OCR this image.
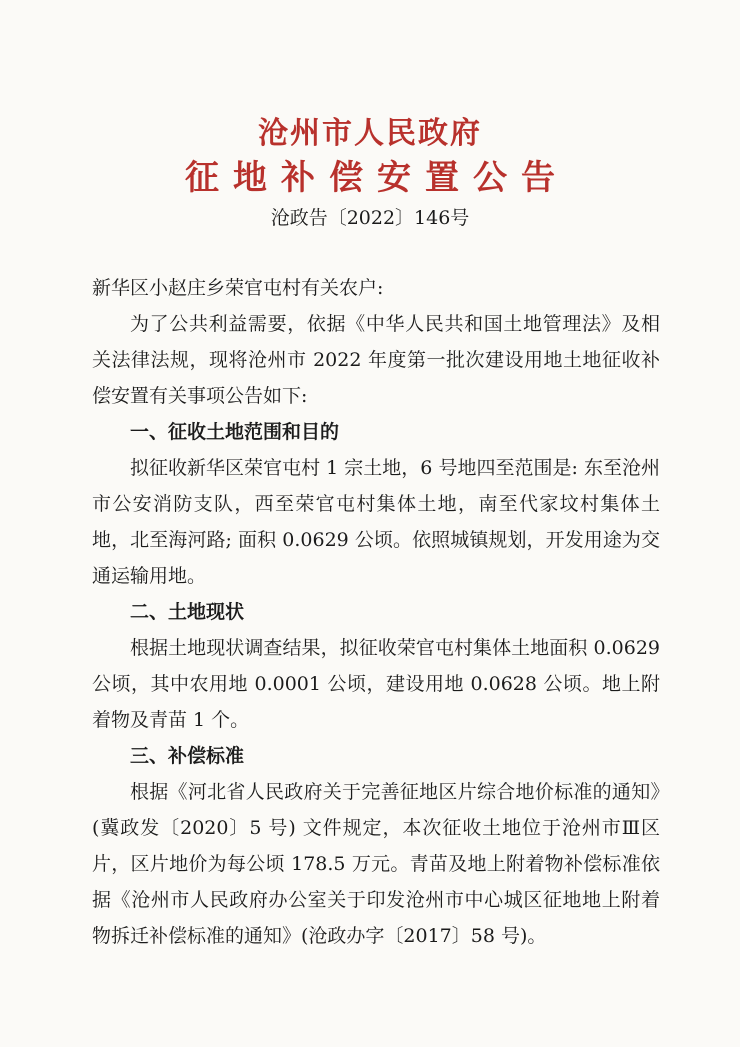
沧州市人民政府
征地补偿安置公告
沧政告〔2022〕146号

新华区小赵庄乡荣官屯村有关农户:

为了公共利益需要，依据《中华人民共和国土地管理法》及相关法律法规，现将沧州市 2022 年度第一批次建设用地土地征收补偿安置有关事项公告如下:

一、征收土地范围和目的

拟征收新华区荣官屯村 1 宗土地，6 号地四至范围是: 东至沧州市公安消防支队，西至荣官屯村集体土地，南至代家坟村集体土地，北至海河路; 面积 0.0629 公顷。依照城镇规划，开发用途为交通运输用地。

二、土地现状

根据土地现状调查结果，拟征收荣官屯村集体土地面积 0.0629 公顷，其中农用地 0.0001 公顷，建设用地 0.0628 公顷。地上附着物及青苗 1 个。

三、补偿标准

根据《河北省人民政府关于完善征地区片综合地价标准的通知》(冀政发〔2020〕5 号) 文件规定，本次征收土地位于沧州市Ⅲ区片，区片地价为每公顷 178.5 万元。青苗及地上附着物补偿标准依据《沧州市人民政府办公室关于印发沧州市中心城区征地地上附着物拆迁补偿标准的通知》(沧政办字〔2017〕58 号)。
